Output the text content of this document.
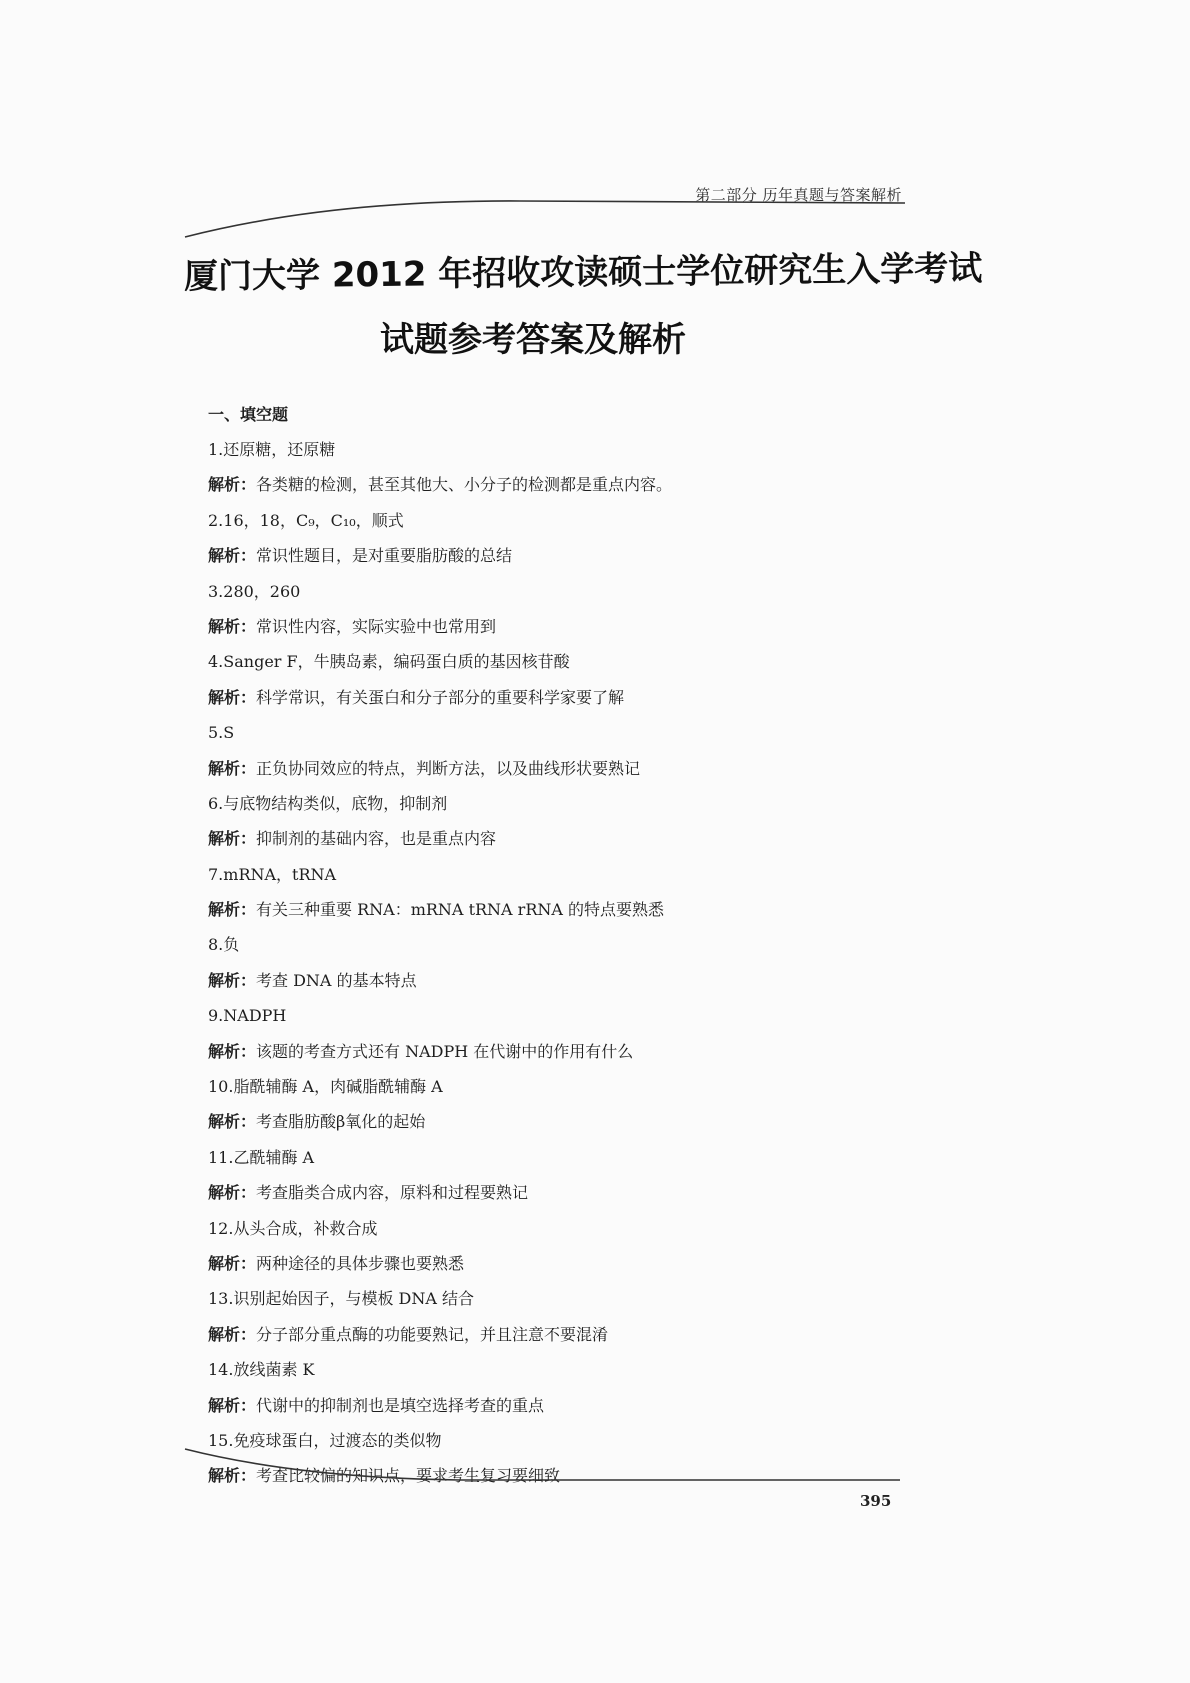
第二部分 历年真题与答案解析
厦门大学 2012 年招收攻读硕士学位研究生入学考试
试题参考答案及解析
一、填空题
1.还原糖，还原糖
解析：各类糖的检测，甚至其他大、小分子的检测都是重点内容。
2.16，18，C₉，C₁₀，顺式
解析：常识性题目，是对重要脂肪酸的总结
3.280，260
解析：常识性内容，实际实验中也常用到
4.Sanger F，牛胰岛素，编码蛋白质的基因核苷酸
解析：科学常识，有关蛋白和分子部分的重要科学家要了解
5.S
解析：正负协同效应的特点，判断方法，以及曲线形状要熟记
6.与底物结构类似，底物，抑制剂
解析：抑制剂的基础内容，也是重点内容
7.mRNA，tRNA
解析：有关三种重要 RNA：mRNA tRNA rRNA 的特点要熟悉
8.负
解析：考查 DNA 的基本特点
9.NADPH
解析：该题的考查方式还有 NADPH 在代谢中的作用有什么
10.脂酰辅酶 A，肉碱脂酰辅酶 A
解析：考查脂肪酸β氧化的起始
11.乙酰辅酶 A
解析：考查脂类合成内容，原料和过程要熟记
12.从头合成，补救合成
解析：两种途径的具体步骤也要熟悉
13.识别起始因子，与模板 DNA 结合
解析：分子部分重点酶的功能要熟记，并且注意不要混淆
14.放线菌素 K
解析：代谢中的抑制剂也是填空选择考查的重点
15.免疫球蛋白，过渡态的类似物
解析：考查比较偏的知识点，要求考生复习要细致
395
